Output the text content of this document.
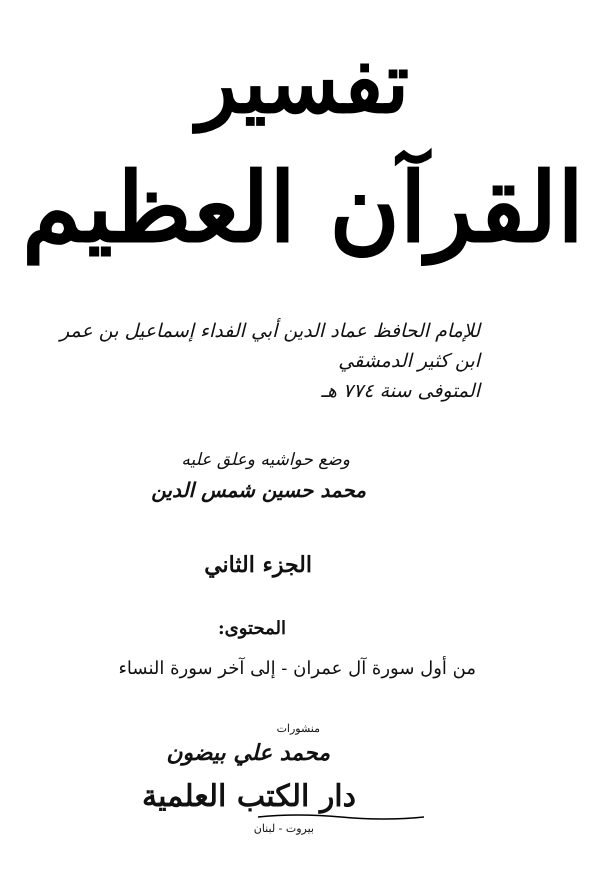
تفسير
القرآن العظيم
للإمام الحافظ عماد الدين أبي الفداء إسماعيل بن عمر
ابن كثير الدمشقي
المتوفى سنة ٧٧٤ هـ
وضع حواشيه وعلق عليه
محمد حسين شمس الدين
الجزء الثاني
المحتوى:
من أول سورة آل عمران - إلى آخر سورة النساء
منشورات
محمد علي بيضون
دار الكتب العلمية
بيروت - لبنان
